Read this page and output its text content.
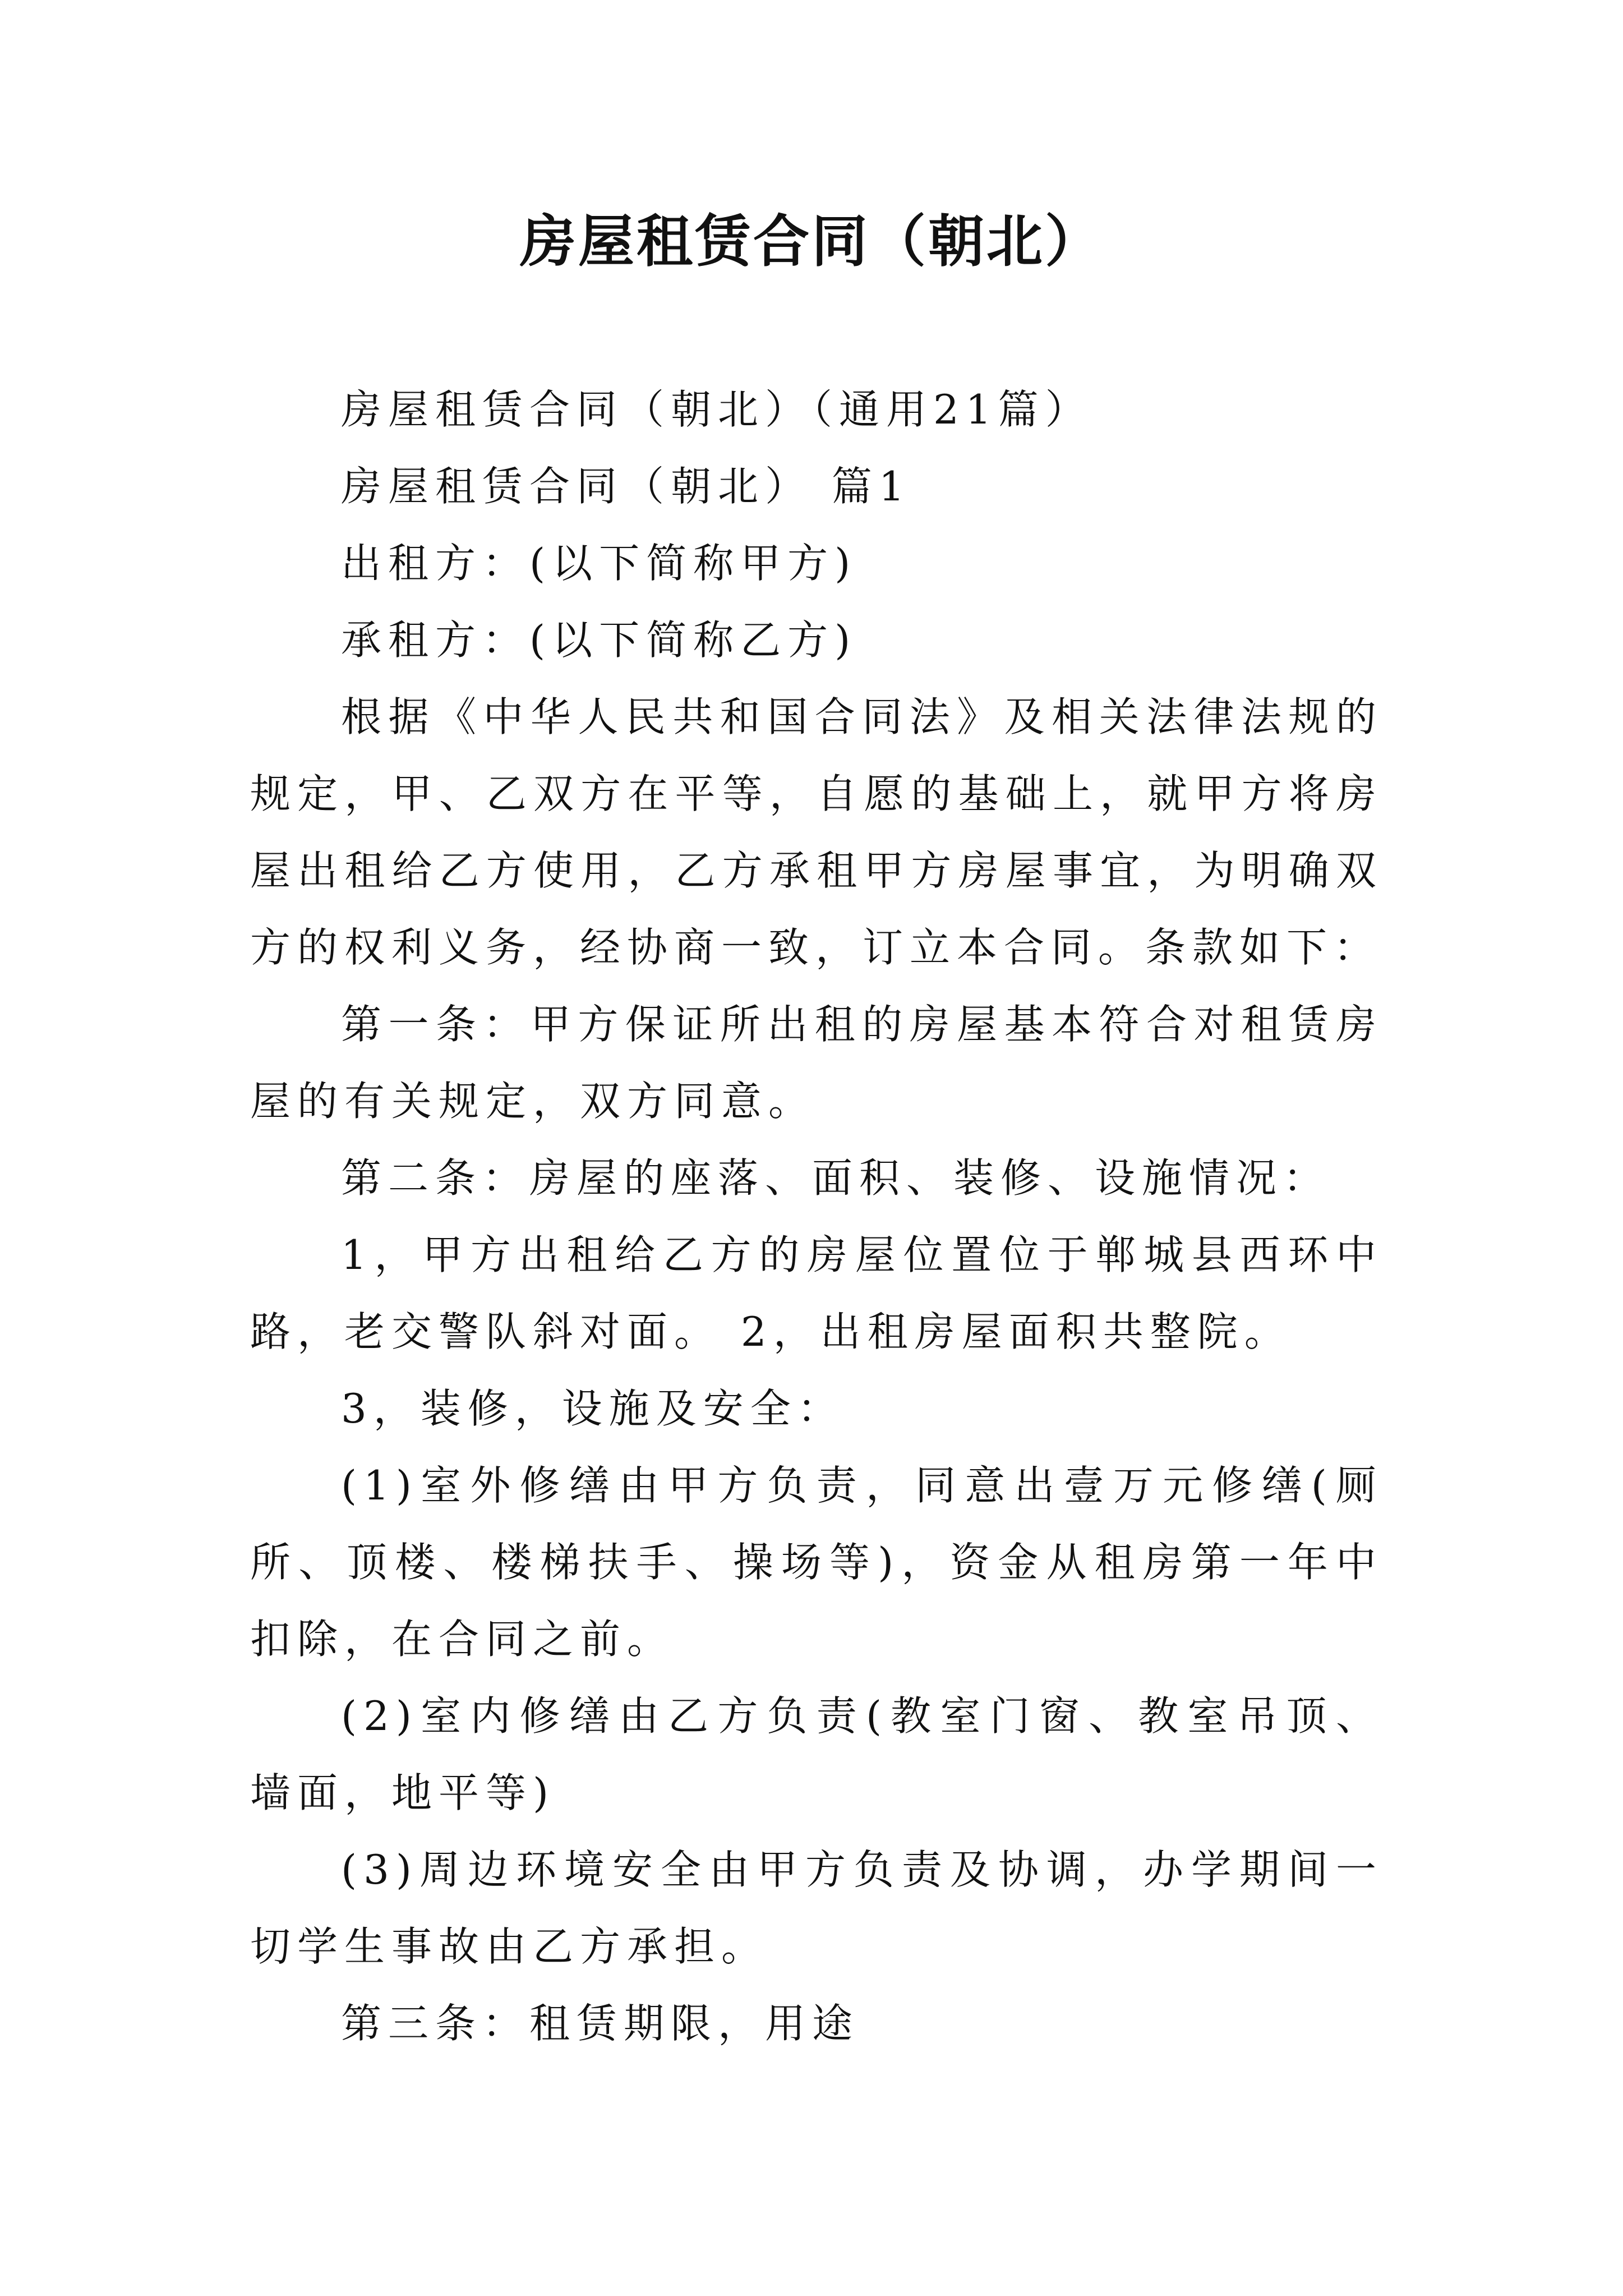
房屋租赁合同（朝北）

房屋租赁合同（朝北）（通用21篇）

房屋租赁合同（朝北） 篇1

出租方：(以下简称甲方)

承租方：(以下简称乙方)

根据《中华人民共和国合同法》及相关法律法规的规定，甲、乙双方在平等，自愿的基础上，就甲方将房屋出租给乙方使用，乙方承租甲方房屋事宜，为明确双方的权利义务，经协商一致，订立本合同。条款如下：

第一条：甲方保证所出租的房屋基本符合对租赁房屋的有关规定，双方同意。

第二条：房屋的座落、面积、装修、设施情况：

1，甲方出租给乙方的房屋位置位于郸城县西环中路，老交警队斜对面。 2，出租房屋面积共整院。

3，装修，设施及安全：

(1)室外修缮由甲方负责，同意出壹万元修缮(厕所、顶楼、楼梯扶手、操场等)，资金从租房第一年中扣除，在合同之前。

(2)室内修缮由乙方负责(教室门窗、教室吊顶、墙面，地平等)

(3)周边环境安全由甲方负责及协调，办学期间一切学生事故由乙方承担。

第三条：租赁期限，用途
